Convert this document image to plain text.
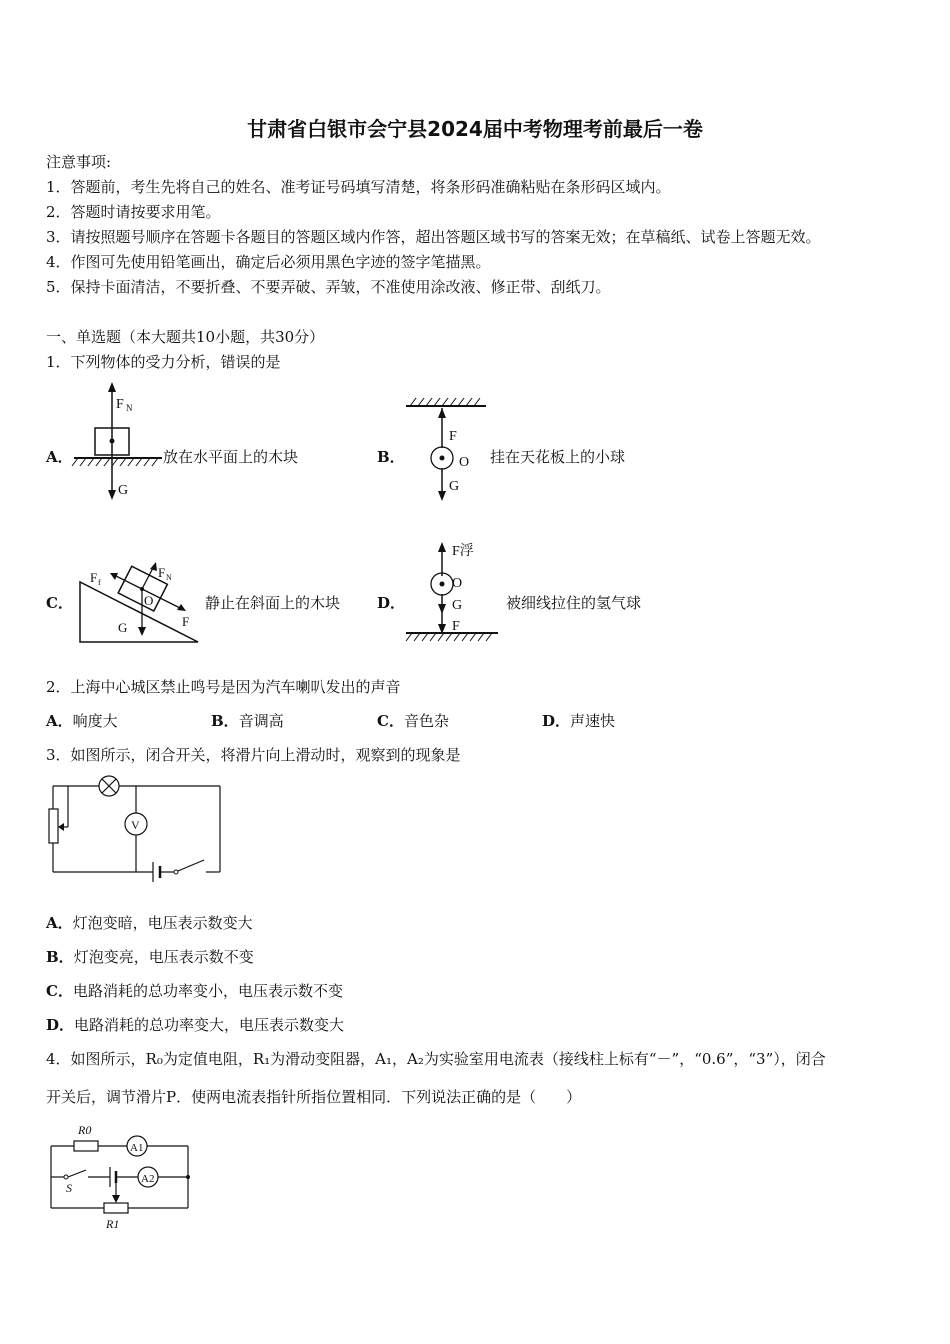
甘肃省白银市会宁县2024届中考物理考前最后一卷
注意事项:
1．答题前，考生先将自己的姓名、准考证号码填写清楚，将条形码准确粘贴在条形码区域内。
2．答题时请按要求用笔。
3．请按照题号顺序在答题卡各题目的答题区域内作答，超出答题区域书写的答案无效；在草稿纸、试卷上答题无效。
4．作图可先使用铅笔画出，确定后必须用黑色字迹的签字笔描黑。
5．保持卡面清洁，不要折叠、不要弄破、弄皱，不准使用涂改液、修正带、刮纸刀。
一、单选题（本大题共10小题，共30分）
1．下列物体的受力分析，错误的是
A．
F N
G
放在水平面上的木块	B．
F
O
G
挂在天花板上的小球
C．
F f
F N
O
G	F
静止在斜面上的木块 D．
F浮
O
G
F
被细线拉住的氢气球
2．上海中心城区禁止鸣号是因为汽车喇叭发出的声音
A．响度大	B．音调高	C．音色杂	D．声速快
3．如图所示，闭合开关，将滑片向上滑动时，观察到的现象是
V
A．灯泡变暗，电压表示数变大
B．灯泡变亮，电压表示数不变
C．电路消耗的总功率变小，电压表示数不变
D．电路消耗的总功率变大，电压表示数变大
4．如图所示，R₀为定值电阻，R₁为滑动变阻器，A₁，A₂为实验室用电流表（接线柱上标有“－”，“0.6”，“3”），闭合
开关后，调节滑片P．使两电流表指针所指位置相同．下列说法正确的是（　　）
A1
R0
S
A2
R1
